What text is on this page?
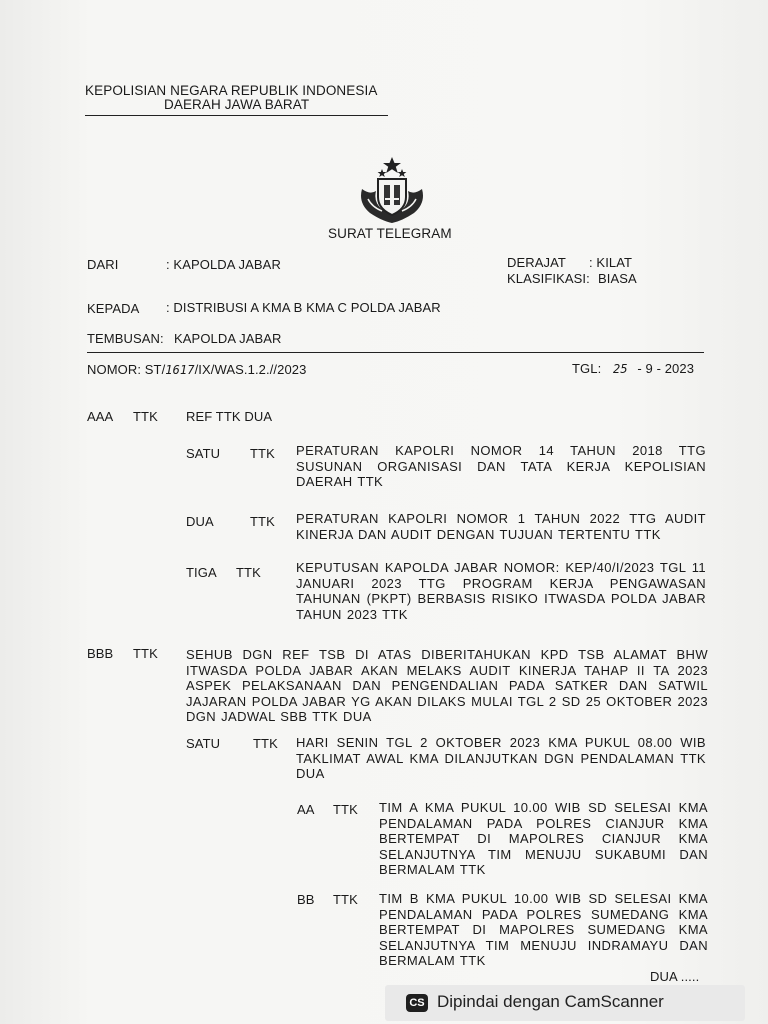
KEPOLISIAN NEGARA REPUBLIK INDONESIA
DAERAH JAWA BARAT
SURAT TELEGRAM
DARI	: KAPOLDA JABAR	DERAJAT : KILAT
KLASIFIKASI: BIASA
KEPADA : DISTRIBUSI A KMA B KMA C POLDA JABAR
TEMBUSAN: KAPOLDA JABAR
NOMOR: ST/1617/IX/WAS.1.2.//2023	TGL: 25 - 9 - 2023
AAA TTK REF TTK DUA
SATU TTK PERATURAN KAPOLRI NOMOR 14 TAHUN 2018 TTG SUSUNAN ORGANISASI DAN TATA KERJA KEPOLISIAN DAERAH TTK
DUA	TTK PERATURAN KAPOLRI NOMOR 1 TAHUN 2022 TTG AUDIT KINERJA DAN AUDIT DENGAN TUJUAN TERTENTU TTK
TIGA TTK	KEPUTUSAN KAPOLDA JABAR NOMOR: KEP/40/I/2023 TGL 11 JANUARI 2023 TTG PROGRAM KERJA PENGAWASAN TAHUNAN (PKPT) BERBASIS RISIKO ITWASDA POLDA JABAR TAHUN 2023 TTK
BBB TTK SEHUB DGN REF TSB DI ATAS DIBERITAHUKAN KPD TSB ALAMAT BHW ITWASDA POLDA JABAR AKAN MELAKS AUDIT KINERJA TAHAP II TA 2023 ASPEK PELAKSANAAN DAN PENGENDALIAN PADA SATKER DAN SATWIL JAJARAN POLDA JABAR YG AKAN DILAKS MULAI TGL 2 SD 25 OKTOBER 2023 DGN JADWAL SBB TTK DUA
SATU	TTK HARI SENIN TGL 2 OKTOBER 2023 KMA PUKUL 08.00 WIB TAKLIMAT AWAL KMA DILANJUTKAN DGN PENDALAMAN TTK DUA
AA TTK TIM A KMA PUKUL 10.00 WIB SD SELESAI KMA PENDALAMAN PADA POLRES CIANJUR KMA BERTEMPAT DI MAPOLRES CIANJUR KMA SELANJUTNYA TIM MENUJU SUKABUMI DAN BERMALAM TTK
BB TTK TIM B KMA PUKUL 10.00 WIB SD SELESAI KMA PENDALAMAN PADA POLRES SUMEDANG KMA BERTEMPAT DI MAPOLRES SUMEDANG KMA SELANJUTNYA TIM MENUJU INDRAMAYU DAN BERMALAM TTK
DUA .....
CS Dipindai dengan CamScanner
